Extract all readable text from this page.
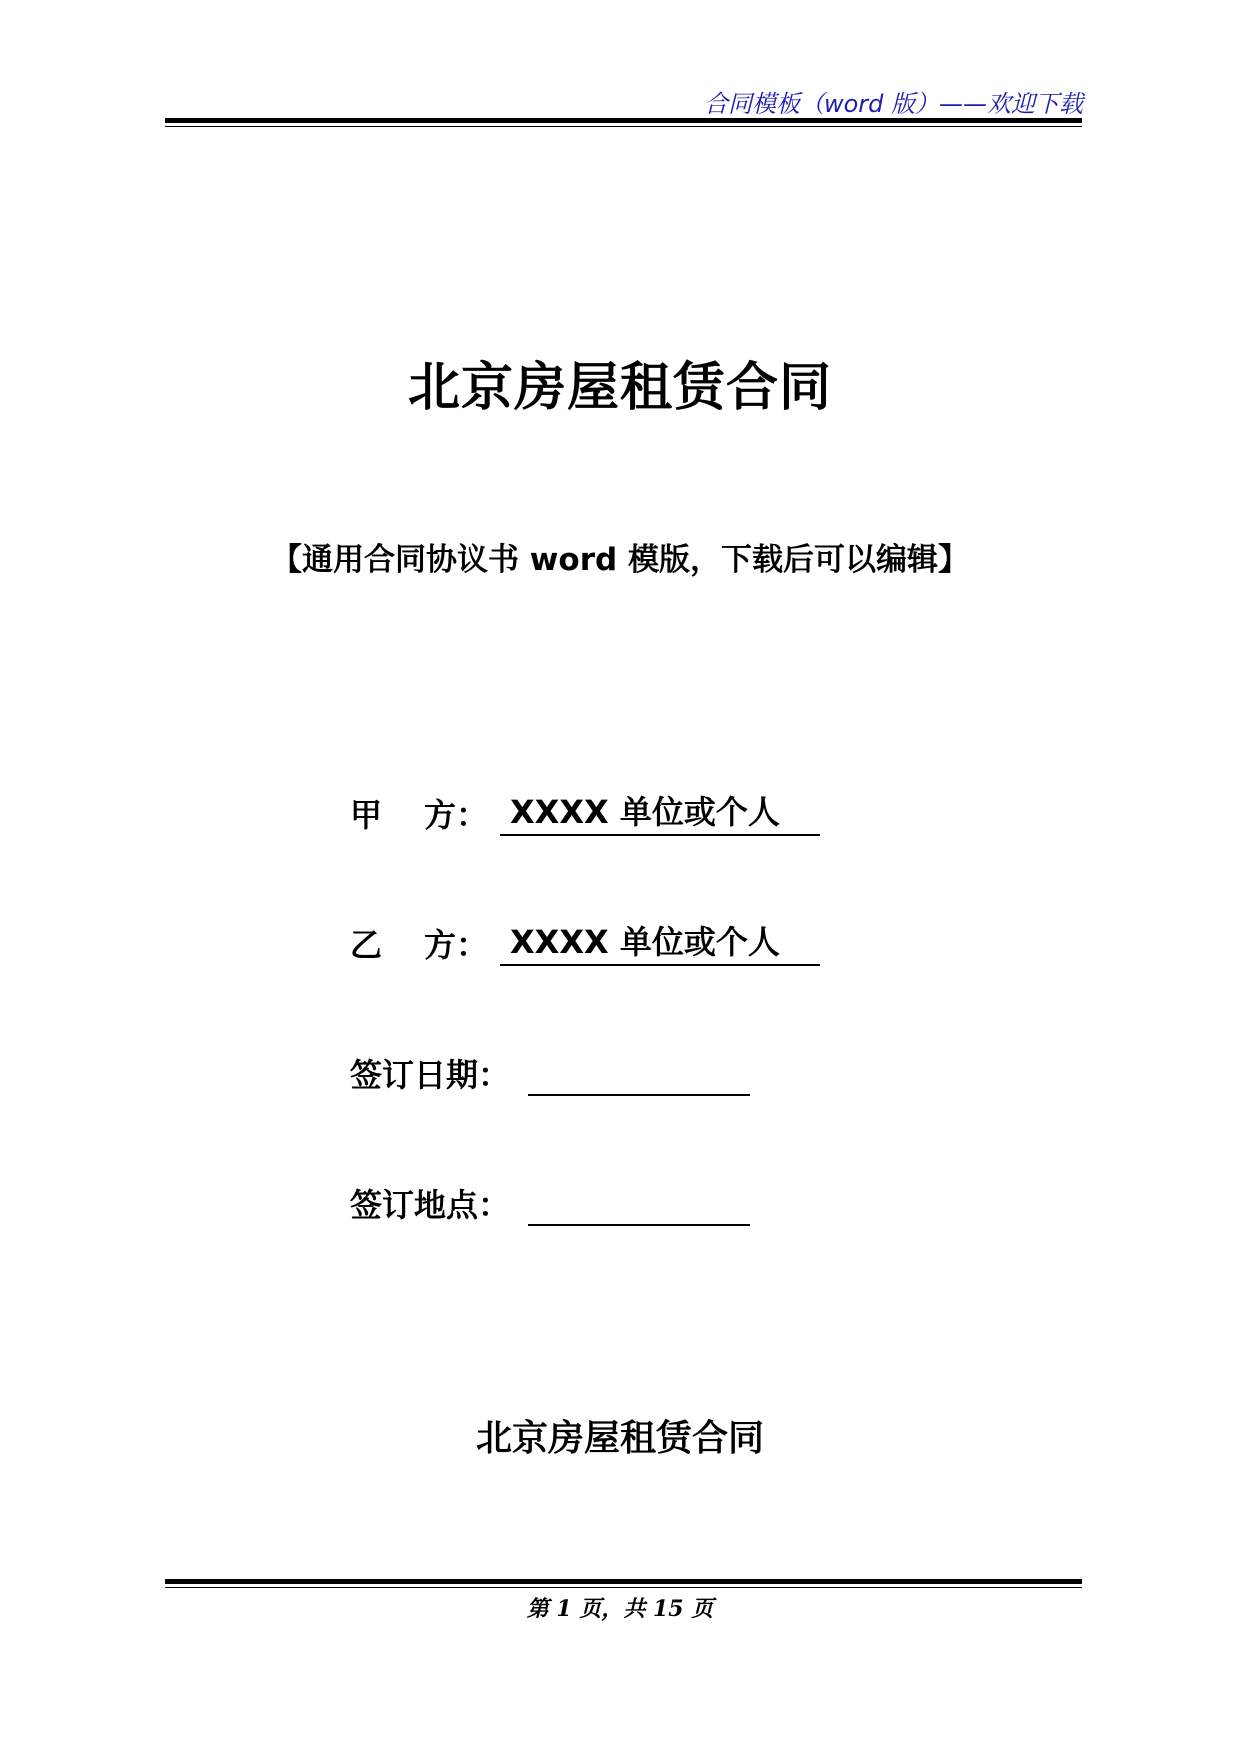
合同模板（word 版）——欢迎下载
北京房屋租赁合同
【通用合同协议书 word 模版，下载后可以编辑】
甲 方： XXXX 单位或个人
乙 方： XXXX 单位或个人
签订日期：
签订地点：
北京房屋租赁合同
第 1 页，共 15 页
